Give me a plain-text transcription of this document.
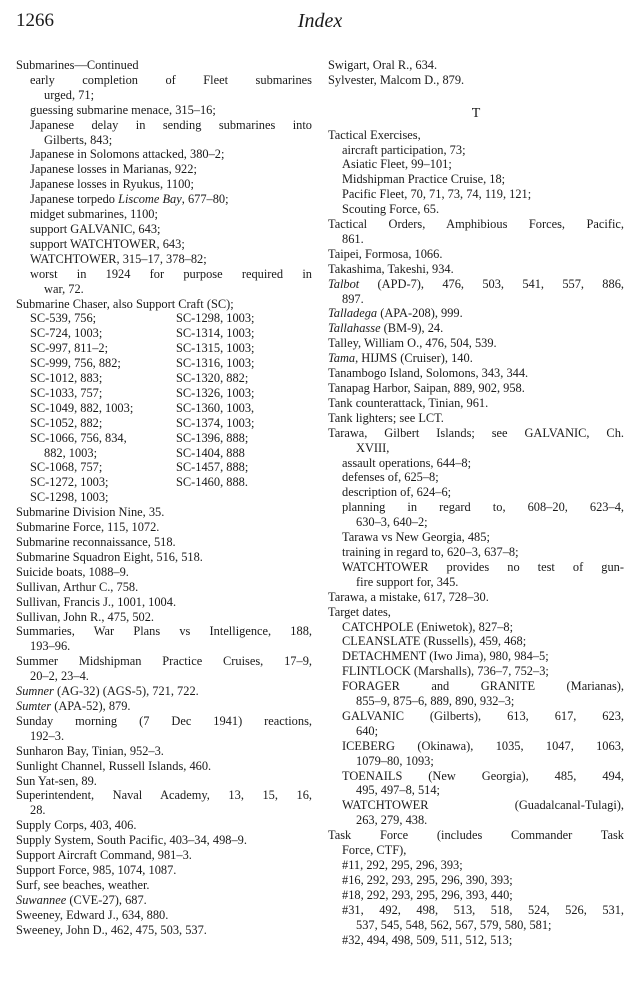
1266	Index
Submarines—Continued
early completion of Fleet submarines
urged, 71;
guessing submarine menace, 315–16;
Japanese delay in sending submarines into
Gilberts, 843;
Japanese in Solomons attacked, 380–2;
Japanese losses in Marianas, 922;
Japanese losses in Ryukus, 1100;
Japanese torpedo Liscome Bay, 677–80;
midget submarines, 1100;
support GALVANIC, 643;
support WATCHTOWER, 643;
WATCHTOWER, 315–17, 378–82;
worst in 1924 for purpose required in
war, 72.
Submarine Chaser, also Support Craft (SC);
SC-539, 756;	SC-1298, 1003;
SC-724, 1003;	SC-1314, 1003;
SC-997, 811–2;	SC-1315, 1003;
SC-999, 756, 882;	SC-1316, 1003;
SC-1012, 883;	SC-1320, 882;
SC-1033, 757;	SC-1326, 1003;
SC-1049, 882, 1003;	SC-1360, 1003,
SC-1052, 882;	SC-1374, 1003;
SC-1066, 756, 834,	SC-1396, 888;
882, 1003;	SC-1404, 888
SC-1068, 757;	SC-1457, 888;
SC-1272, 1003;	SC-1460, 888.
SC-1298, 1003;
Submarine Division Nine, 35.
Submarine Force, 115, 1072.
Submarine reconnaissance, 518.
Submarine Squadron Eight, 516, 518.
Suicide boats, 1088–9.
Sullivan, Arthur C., 758.
Sullivan, Francis J., 1001, 1004.
Sullivan, John R., 475, 502.
Summaries, War Plans vs Intelligence, 188,
193–96.
Summer Midshipman Practice Cruises, 17–9,
20–2, 23–4.
Sumner (AG-32) (AGS-5), 721, 722.
Sumter (APA-52), 879.
Sunday morning (7 Dec 1941) reactions,
192–3.
Sunharon Bay, Tinian, 952–3.
Sunlight Channel, Russell Islands, 460.
Sun Yat-sen, 89.
Superintendent, Naval Academy, 13, 15, 16,
28.
Supply Corps, 403, 406.
Supply System, South Pacific, 403–34, 498–9.
Support Aircraft Command, 981–3.
Support Force, 985, 1074, 1087.
Surf, see beaches, weather.
Suwannee (CVE-27), 687.
Sweeney, Edward J., 634, 880.
Sweeney, John D., 462, 475, 503, 537.
Swigart, Oral R., 634.
Sylvester, Malcom D., 879.
T
Tactical Exercises,
aircraft participation, 73;
Asiatic Fleet, 99–101;
Midshipman Practice Cruise, 18;
Pacific Fleet, 70, 71, 73, 74, 119, 121;
Scouting Force, 65.
Tactical Orders, Amphibious Forces, Pacific,
861.
Taipei, Formosa, 1066.
Takashima, Takeshi, 934.
Talbot (APD-7), 476, 503, 541, 557, 886,
897.
Talladega (APA-208), 999.
Tallahasse (BM-9), 24.
Talley, William O., 476, 504, 539.
Tama, HIJMS (Cruiser), 140.
Tanambogo Island, Solomons, 343, 344.
Tanapag Harbor, Saipan, 889, 902, 958.
Tank counterattack, Tinian, 961.
Tank lighters; see LCT.
Tarawa, Gilbert Islands; see GALVANIC, Ch.
XVIII,
assault operations, 644–8;
defenses of, 625–8;
description of, 624–6;
planning in regard to, 608–20, 623–4,
630–3, 640–2;
Tarawa vs New Georgia, 485;
training in regard to, 620–3, 637–8;
WATCHTOWER provides no test of gun-
fire support for, 345.
Tarawa, a mistake, 617, 728–30.
Target dates,
CATCHPOLE (Eniwetok), 827–8;
CLEANSLATE (Russells), 459, 468;
DETACHMENT (Iwo Jima), 980, 984–5;
FLINTLOCK (Marshalls), 736–7, 752–3;
FORAGER and GRANITE (Marianas),
855–9, 875–6, 889, 890, 932–3;
GALVANIC (Gilberts), 613, 617, 623,
640;
ICEBERG (Okinawa), 1035, 1047, 1063,
1079–80, 1093;
TOENAILS (New Georgia), 485, 494,
495, 497–8, 514;
WATCHTOWER (Guadalcanal-Tulagi),
263, 279, 438.
Task Force (includes Commander Task
Force, CTF),
#11, 292, 295, 296, 393;
#16, 292, 293, 295, 296, 390, 393;
#18, 292, 293, 295, 296, 393, 440;
#31, 492, 498, 513, 518, 524, 526, 531,
537, 545, 548, 562, 567, 579, 580, 581;
#32, 494, 498, 509, 511, 512, 513;
